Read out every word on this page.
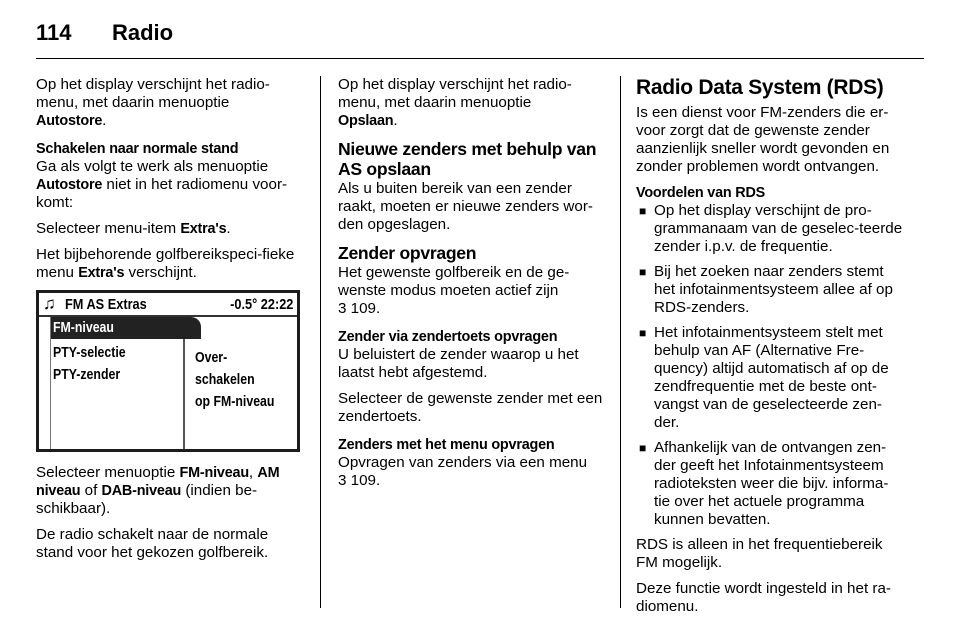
114 Radio

Op het display verschijnt het radio-menu, met daarin menuoptie
Autostore.

Schakelen naar normale stand
Ga als volgt te werk als menuoptie Autostore niet in het radiomenu voor-komt:

Selecteer menu-item Extra's.

Het bijbehorende golfbereikspeci-fieke menu Extra's verschijnt.

♫ FM AS Extras	-0.5° 22:22
FM-niveau
PTY-selectie
PTY-zender
Over-
schakelen
op FM-niveau

Selecteer menuoptie FM-niveau, AM niveau of DAB-niveau (indien be-schikbaar).

De radio schakelt naar de normale stand voor het gekozen golfbereik.

Op het display verschijnt het radio-menu, met daarin menuoptie
Opslaan.

Nieuwe zenders met behulp van AS opslaan
Als u buiten bereik van een zender raakt, moeten er nieuwe zenders wor-den opgeslagen.

Zender opvragen
Het gewenste golfbereik en de ge-wenste modus moeten actief zijn
3 109.

Zender via zendertoets opvragen
U beluistert de zender waarop u het laatst hebt afgestemd.

Selecteer de gewenste zender met een zendertoets.

Zenders met het menu opvragen
Opvragen van zenders via een menu
3 109.

Radio Data System (RDS)

Is een dienst voor FM-zenders die er-voor zorgt dat de gewenste zender aanzienlijk sneller wordt gevonden en zonder problemen wordt ontvangen.

Voordelen van RDS
■ Op het display verschijnt de pro-grammanaam van de geselec-teerde zender i.p.v. de frequentie.
■ Bij het zoeken naar zenders stemt het infotainmentsysteem allee af op RDS-zenders.
■ Het infotainmentsysteem stelt met behulp van AF (Alternative Fre-quency) altijd automatisch af op de zendfrequentie met de beste ont-vangst van de geselecteerde zen-der.
■ Afhankelijk van de ontvangen zen-der geeft het Infotainmentsysteem radioteksten weer die bijv. informa-tie over het actuele programma kunnen bevatten.

RDS is alleen in het frequentiebereik FM mogelijk.

Deze functie wordt ingesteld in het ra-diomenu.
